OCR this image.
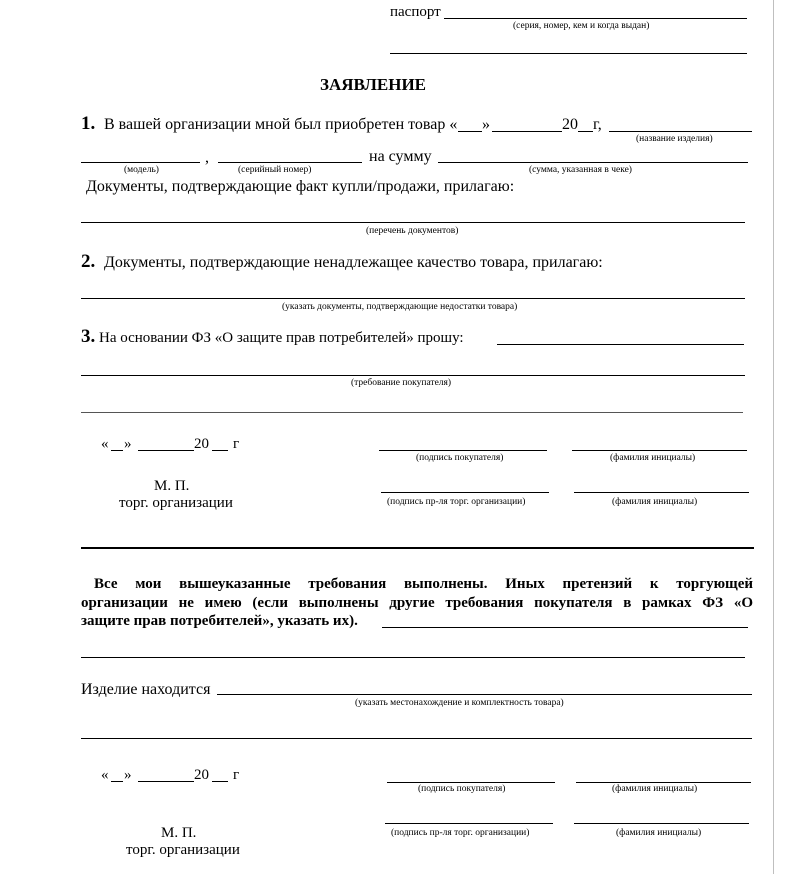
паспорт
(серия, номер, кем и когда выдан)
ЗАЯВЛЕНИЕ
1. В вашей организации мной был приобретен товар « »	20 г,
(название изделия)
,	на сумму
(модель)	(серийный номер)	(сумма, указанная в чеке)
Документы, подтверждающие факт купли/продажи, прилагаю:
(перечень документов)
2. Документы, подтверждающие ненадлежащее качество товара, прилагаю:
(указать документы, подтверждающие недостатки товара)
3. На основании ФЗ «О защите прав потребителей» прошу:
(требование покупателя)
« »	20 г
(подпись покупателя)	(фамилия инициалы)
М. П.
торг. организации	(подпись пр-ля торг. организации)	(фамилия инициалы)
Все мои вышеуказанные требования выполнены. Иных претензий к торгующей
организации не имею (если выполнены другие требования покупателя в рамках ФЗ «О
защите прав потребителей», указать их).
Изделие находится
(указать местонахождение и комплектность товара)
« »	20 г
(подпись покупателя)	(фамилия инициалы)
(подпись пр-ля торг. организации)	(фамилия инициалы)
М. П.
торг. организации
